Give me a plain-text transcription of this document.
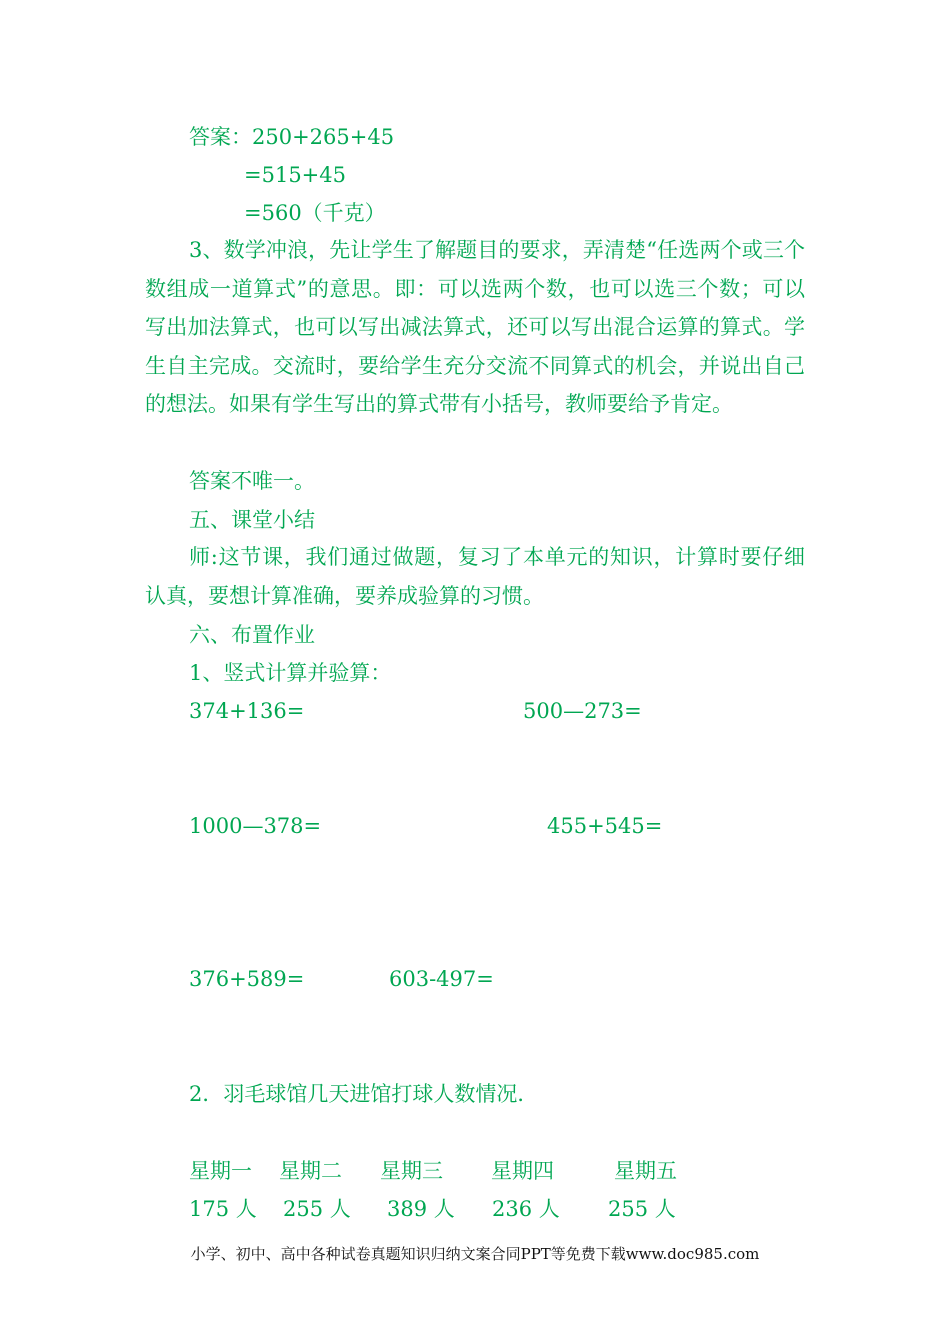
答案：250+265+45
=515+45
=560（千克）
3、数学冲浪，先让学生了解题目的要求，弄清楚“任选两个或三个数组成一道算式”的意思。即：可以选两个数，也可以选三个数；可以写出加法算式，也可以写出减法算式，还可以写出混合运算的算式。学生自主完成。交流时，要给学生充分交流不同算式的机会，并说出自己的想法。如果有学生写出的算式带有小括号，教师要给予肯定。
答案不唯一。
五、课堂小结
师:这节课，我们通过做题，复习了本单元的知识，计算时要仔细认真，要想计算准确，要养成验算的习惯。
六、布置作业
1、竖式计算并验算：
374+136=	500—273=
1000—378=	455+545=
376+589=	603-497=
2．羽毛球馆几天进馆打球人数情况．
星期一 星期二 星期三 星期四	星期五
175 人 255 人 389 人 236 人 255 人
小学、初中、高中各种试卷真题知识归纳文案合同PPT等免费下载www.doc985.com
